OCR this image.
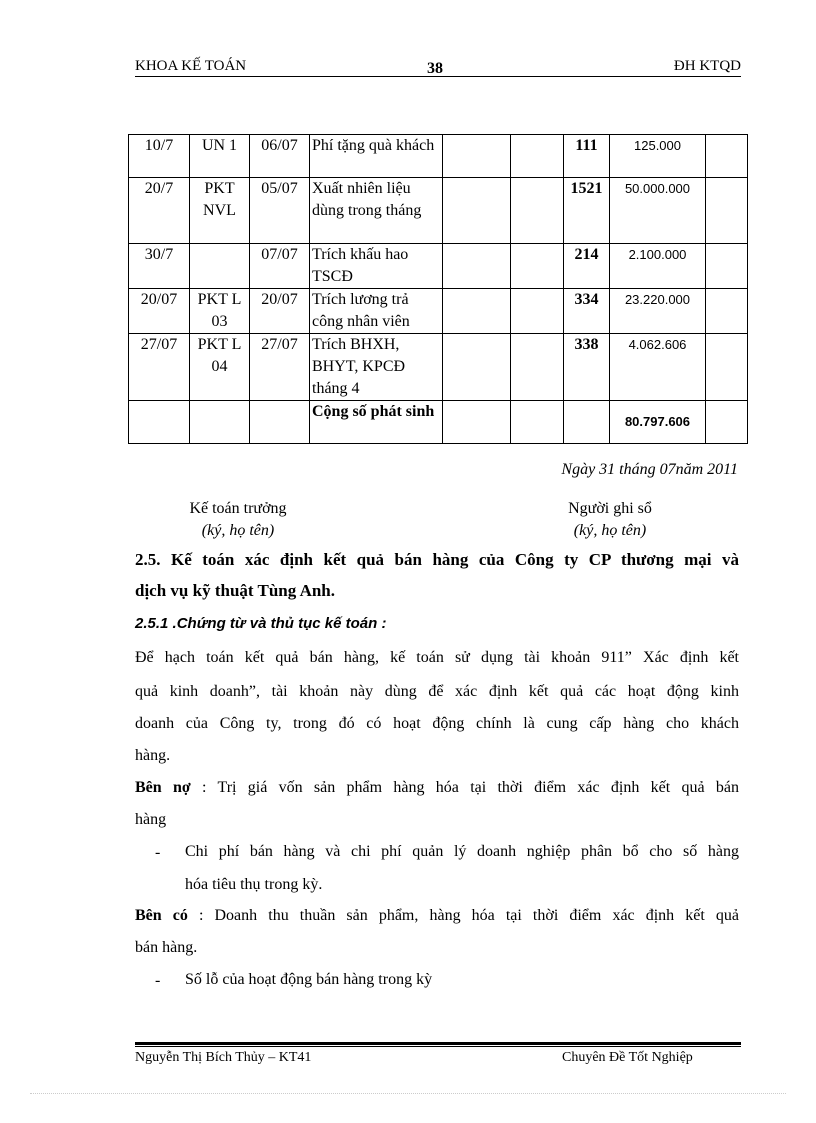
KHOA KẾ TOÁN	38	ĐH KTQD
10/7	UN 1	06/07	Phí tặng quà khách			111	125.000	
20/7	PKT NVL	05/07	Xuất nhiên liệu dùng trong tháng			1521	50.000.000	
30/7		07/07	Trích khấu hao TSCĐ			214	2.100.000	
20/07	PKT L 03	20/07	Trích lương trả công nhân viên			334	23.220.000	
27/07	PKT L 04	27/07	Trích BHXH, BHYT, KPCĐ tháng 4			338	4.062.606	
			Cộng số phát sinh				80.797.606	
Ngày 31 tháng 07năm 2011
Kế toán trưởng
(ký, họ tên)
Người ghi sổ
(ký, họ tên)
2.5. Kế toán xác định kết quả bán hàng của Công ty CP thương mại và
dịch vụ kỹ thuật Tùng Anh.
2.5.1 .Chứng từ và thủ tục kế toán :
Để hạch toán kết quả bán hàng, kế toán sử dụng tài khoản 911” Xác định kết
quả kinh doanh”, tài khoản này dùng để xác định kết quả các hoạt động kinh
doanh của Công ty, trong đó có hoạt động chính là cung cấp hàng cho khách
hàng.
Bên nợ : Trị giá vốn sản phẩm hàng hóa tại thời điểm xác định kết quả bán
hàng
- Chi phí bán hàng và chi phí quản lý doanh nghiệp phân bổ cho số hàng
hóa tiêu thụ trong kỳ.
Bên có : Doanh thu thuần sản phẩm, hàng hóa tại thời điểm xác định kết quả
bán hàng.
- Số lỗ của hoạt động bán hàng trong kỳ
Nguyễn Thị Bích Thủy – KT41	Chuyên Đề Tốt Nghiệp
